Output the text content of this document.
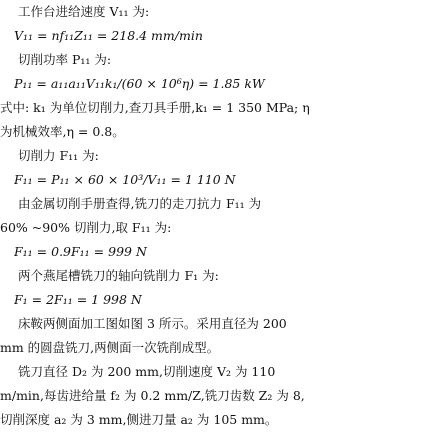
工作台进给速度 V₁₁ 为:
V₁₁ = nf₁₁Z₁₁ = 218.4 mm/min
切削功率 P₁₁ 为:
P₁₁ = a₁₁a₁₁V₁₁k₁/(60 × 10⁶η) = 1.85 kW
式中: k₁ 为单位切削力,查刀具手册,k₁ = 1 350 MPa; η
为机械效率,η = 0.8。
切削力 F₁₁ 为:
F₁₁ = P₁₁ × 60 × 10³/V₁₁ = 1 110 N
由金属切削手册查得,铣刀的走刀抗力 F₁₁ 为
60% ~90% 切削力,取 F₁₁ 为:
F₁₁ = 0.9F₁₁ = 999 N
两个燕尾槽铣刀的轴向铣削力 F₁ 为:
F₁ = 2F₁₁ = 1 998 N
床鞍两侧面加工图如图 3 所示。采用直径为 200
mm 的圆盘铣刀,两侧面一次铣削成型。
铣刀直径 D₂ 为 200 mm,切削速度 V₂ 为 110
m/min,每齿进给量 f₂ 为 0.2 mm/Z,铣刀齿数 Z₂ 为 8,
切削深度 a₂ 为 3 mm,侧进刀量 a₂ 为 105 mm。
